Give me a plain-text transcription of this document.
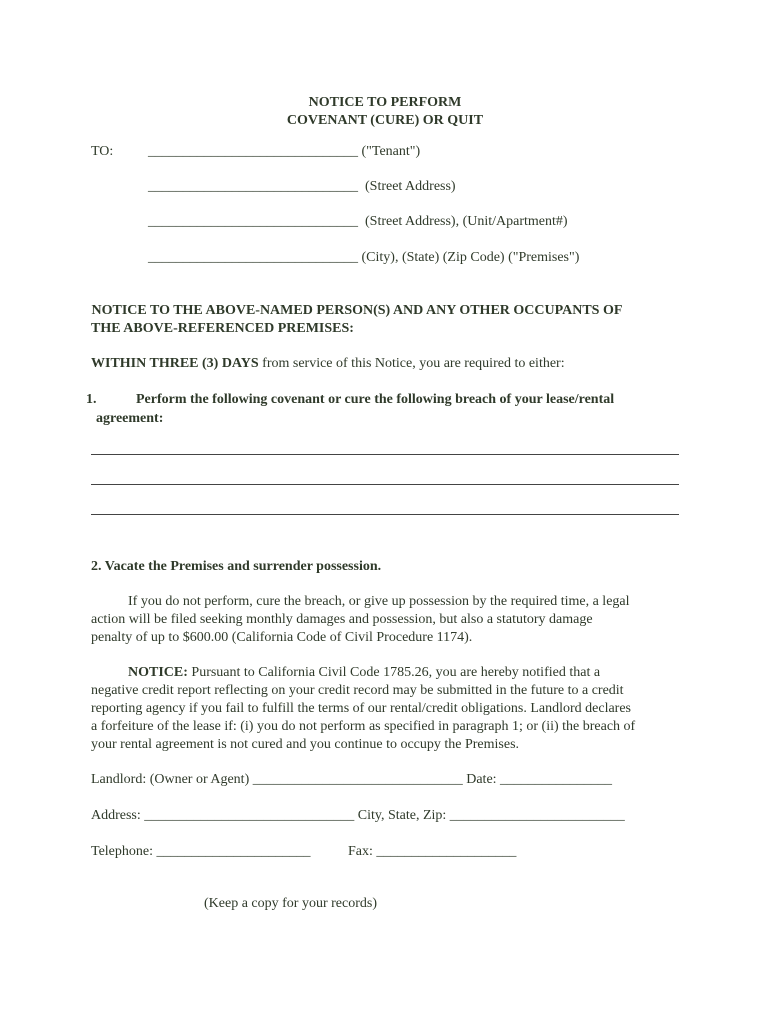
NOTICE TO PERFORM
COVENANT (CURE) OR QUIT
TO: ______________________________ ("Tenant")
______________________________  (Street Address)
______________________________  (Street Address), (Unit/Apartment#)
______________________________ (City), (State) (Zip Code) ("Premises")
NOTICE TO THE ABOVE-NAMED PERSON(S) AND ANY OTHER OCCUPANTS OF
THE ABOVE-REFERENCED PREMISES:
WITHIN THREE (3) DAYS from service of this Notice, you are required to either:
1.	Perform the following covenant or cure the following breach of your lease/rental
agreement:
2. Vacate the Premises and surrender possession.
If you do not perform, cure the breach, or give up possession by the required time, a legal
action will be filed seeking monthly damages and possession, but also a statutory damage
penalty of up to $600.00 (California Code of Civil Procedure 1174).
NOTICE: Pursuant to California Civil Code 1785.26, you are hereby notified that a
negative credit report reflecting on your credit record may be submitted in the future to a credit
reporting agency if you fail to fulfill the terms of our rental/credit obligations. Landlord declares
a forfeiture of the lease if: (i) you do not perform as specified in paragraph 1; or (ii) the breach of
your rental agreement is not cured and you continue to occupy the Premises.
Landlord: (Owner or Agent) ______________________________ Date: ________________
Address: ______________________________ City, State, Zip: _________________________
Telephone: ______________________	Fax: ____________________
(Keep a copy for your records)
